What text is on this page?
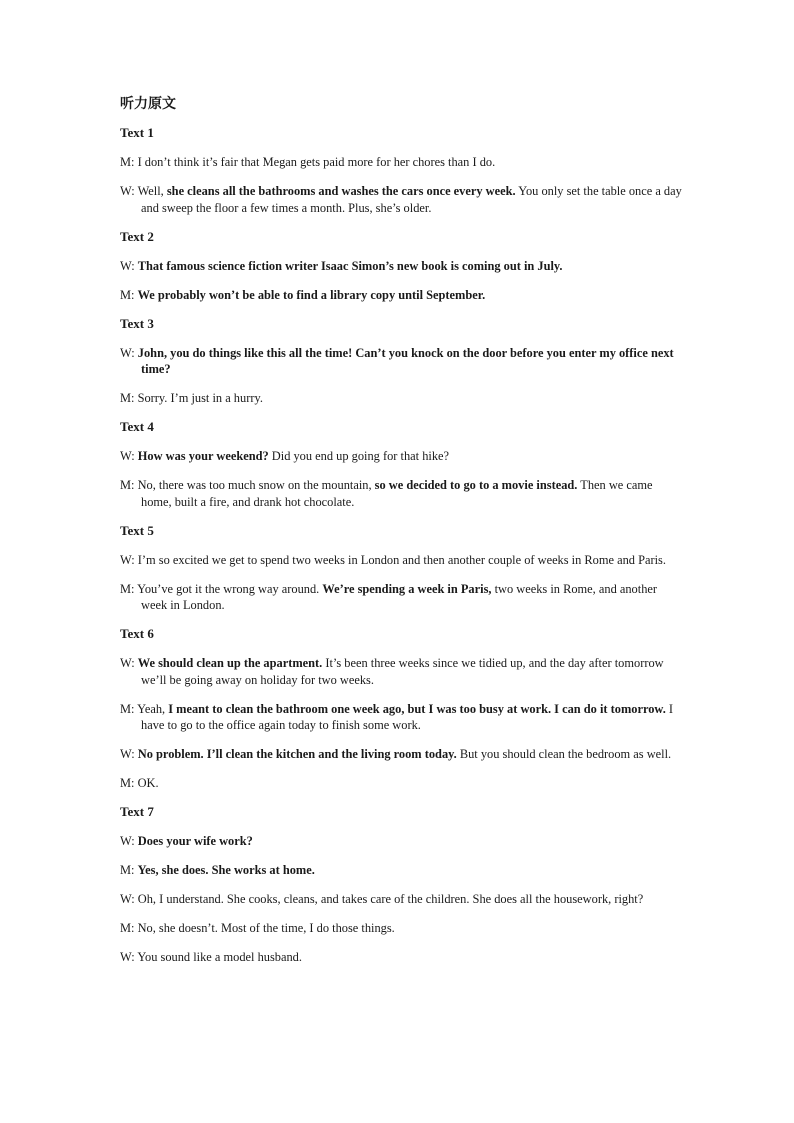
听力原文
Text 1
M: I don’t think it’s fair that Megan gets paid more for her chores than I do.
W: Well, she cleans all the bathrooms and washes the cars once every week. You only set the table once a day and sweep the floor a few times a month. Plus, she’s older.
Text 2
W: That famous science fiction writer Isaac Simon’s new book is coming out in July.
M: We probably won’t be able to find a library copy until September.
Text 3
W: John, you do things like this all the time! Can’t you knock on the door before you enter my office next time?
M: Sorry. I’m just in a hurry.
Text 4
W: How was your weekend? Did you end up going for that hike?
M: No, there was too much snow on the mountain, so we decided to go to a movie instead. Then we came home, built a fire, and drank hot chocolate.
Text 5
W: I’m so excited we get to spend two weeks in London and then another couple of weeks in Rome and Paris.
M: You’ve got it the wrong way around. We’re spending a week in Paris, two weeks in Rome, and another week in London.
Text 6
W: We should clean up the apartment. It’s been three weeks since we tidied up, and the day after tomorrow we’ll be going away on holiday for two weeks.
M: Yeah, I meant to clean the bathroom one week ago, but I was too busy at work. I can do it tomorrow. I have to go to the office again today to finish some work.
W: No problem. I’ll clean the kitchen and the living room today. But you should clean the bedroom as well.
M: OK.
Text 7
W: Does your wife work?
M: Yes, she does. She works at home.
W: Oh, I understand. She cooks, cleans, and takes care of the children. She does all the housework, right?
M: No, she doesn’t. Most of the time, I do those things.
W: You sound like a model husband.
